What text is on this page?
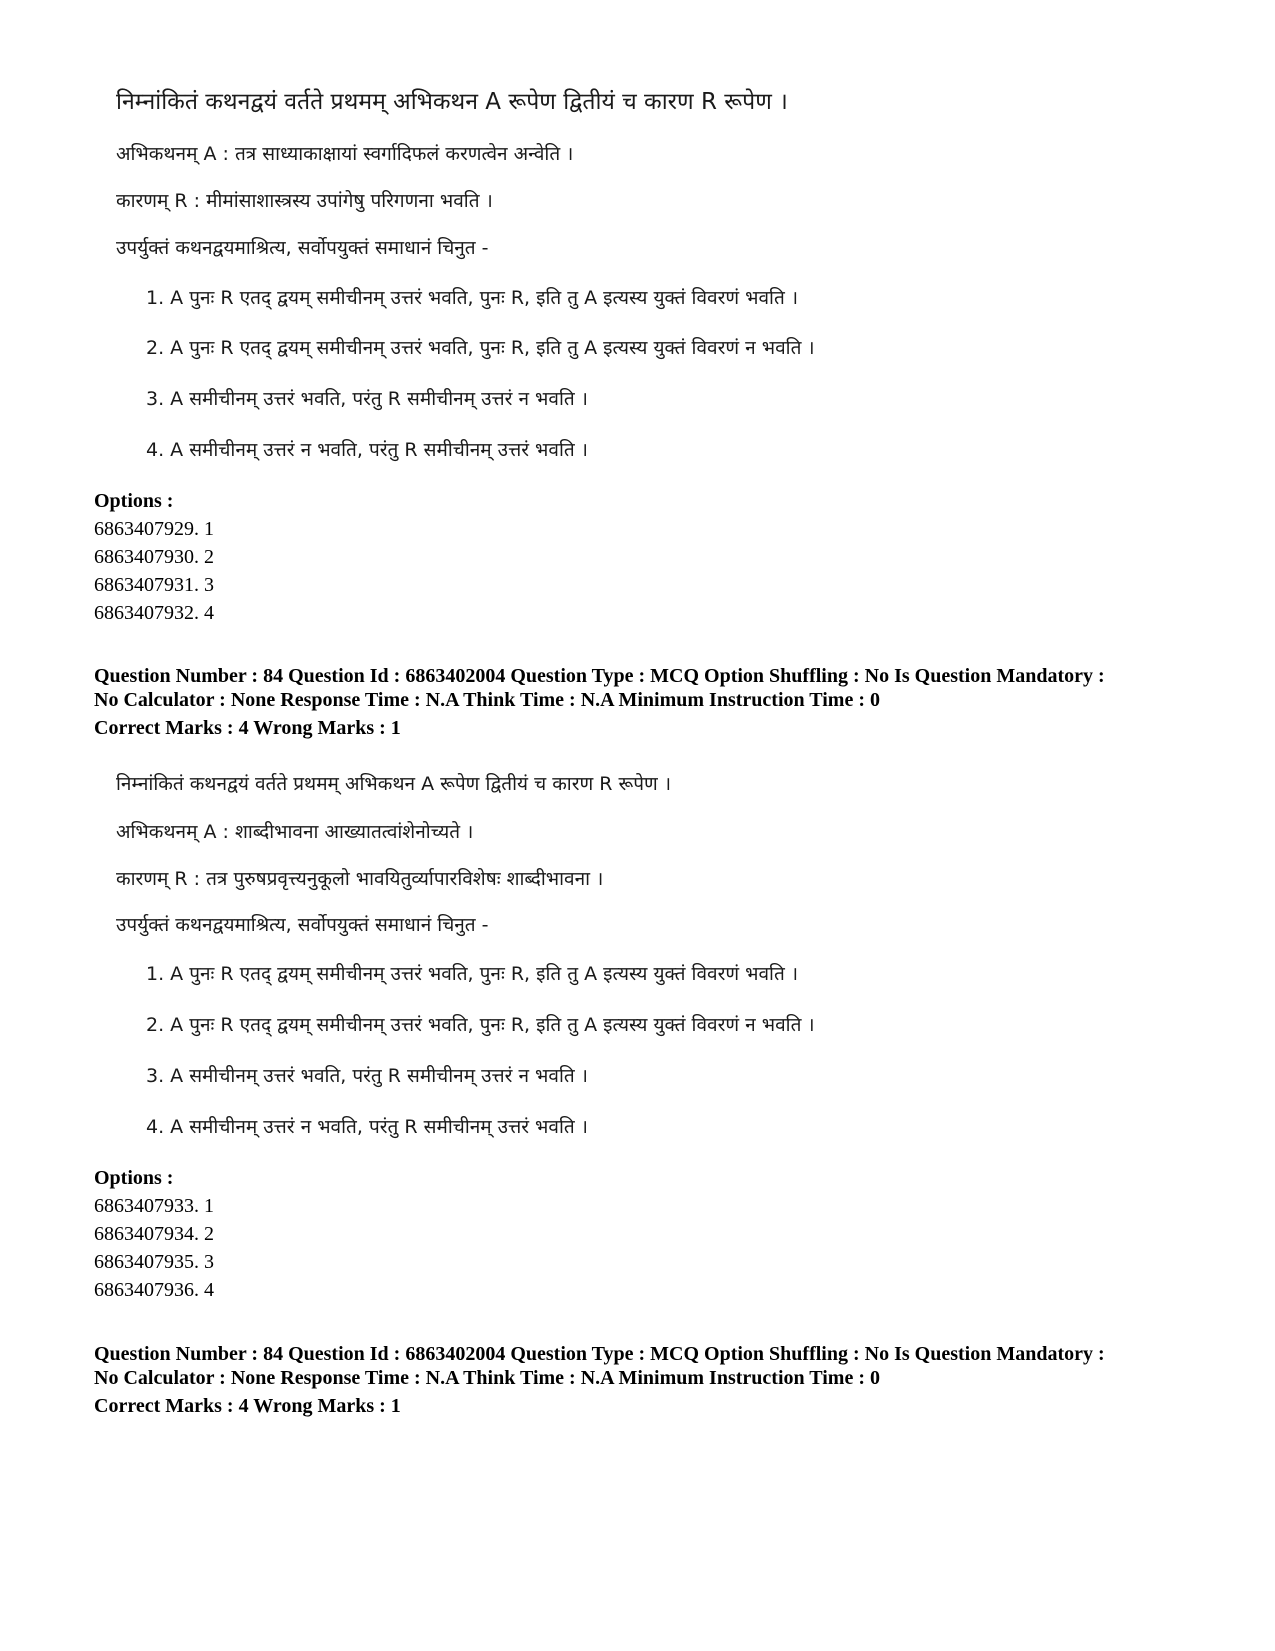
निम्नांकितं कथनद्वयं वर्तते प्रथमम् अभिकथन A रूपेण द्वितीयं च कारण R रूपेण ।
अभिकथनम् A : तत्र साध्याकाक्षायां स्वर्गादिफलं करणत्वेन अन्वेति ।
कारणम् R : मीमांसाशास्त्रस्य उपांगेषु परिगणना भवति ।
उपर्युक्तं कथनद्वयमाश्रित्य, सर्वोपयुक्तं समाधानं चिनुत -
1. A पुनः R एतद् द्वयम् समीचीनम् उत्तरं भवति, पुनः R, इति तु A इत्यस्य युक्तं विवरणं भवति ।
2. A पुनः R एतद् द्वयम् समीचीनम् उत्तरं भवति, पुनः R, इति तु A इत्यस्य युक्तं विवरणं न भवति ।
3. A समीचीनम् उत्तरं भवति, परंतु R समीचीनम् उत्तरं न भवति ।
4. A समीचीनम् उत्तरं न भवति, परंतु R समीचीनम् उत्तरं भवति ।
Options :
6863407929. 1
6863407930. 2
6863407931. 3
6863407932. 4
Question Number : 84 Question Id : 6863402004 Question Type : MCQ Option Shuffling : No Is Question Mandatory :
No Calculator : None Response Time : N.A Think Time : N.A Minimum Instruction Time : 0
Correct Marks : 4 Wrong Marks : 1
निम्नांकितं कथनद्वयं वर्तते प्रथमम् अभिकथन A रूपेण द्वितीयं च कारण R रूपेण ।
अभिकथनम् A : शाब्दीभावना आख्यातत्वांशेनोच्यते ।
कारणम् R : तत्र पुरुषप्रवृत्त्यनुकूलो भावयितुर्व्यापारविशेषः शाब्दीभावना ।
उपर्युक्तं कथनद्वयमाश्रित्य, सर्वोपयुक्तं समाधानं चिनुत -
1. A पुनः R एतद् द्वयम् समीचीनम् उत्तरं भवति, पुनः R, इति तु A इत्यस्य युक्तं विवरणं भवति ।
2. A पुनः R एतद् द्वयम् समीचीनम् उत्तरं भवति, पुनः R, इति तु A इत्यस्य युक्तं विवरणं न भवति ।
3. A समीचीनम् उत्तरं भवति, परंतु R समीचीनम् उत्तरं न भवति ।
4. A समीचीनम् उत्तरं न भवति, परंतु R समीचीनम् उत्तरं भवति ।
Options :
6863407933. 1
6863407934. 2
6863407935. 3
6863407936. 4
Question Number : 84 Question Id : 6863402004 Question Type : MCQ Option Shuffling : No Is Question Mandatory :
No Calculator : None Response Time : N.A Think Time : N.A Minimum Instruction Time : 0
Correct Marks : 4 Wrong Marks : 1
